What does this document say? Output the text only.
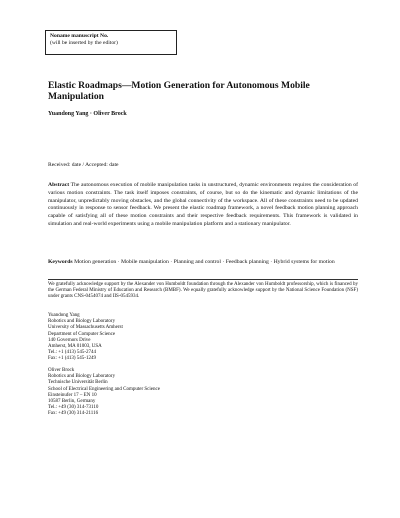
Noname manuscript No.
(will be inserted by the editor)
Elastic Roadmaps—Motion Generation for Autonomous Mobile Manipulation
Yuandong Yang · Oliver Brock
Received: date / Accepted: date

Abstract The autonomous execution of mobile manipulation tasks in unstructured, dynamic environments requires the consideration of various motion constraints. The task itself imposes constraints, of course, but so do the kinematic and dynamic limitations of the manipulator, unpredictably moving obstacles, and the global connectivity of the workspace. All of these constraints need to be updated continuously in response to sensor feedback. We present the elastic roadmap framework, a novel feedback motion planning approach capable of satisfying all of these motion constraints and their respective feedback requirements. This framework is validated in simulation and real-world experiments using a mobile manipulation platform and a stationary manipulator.

Keywords Motion generation · Mobile manipulation · Planning and control · Feedback planning · Hybrid systems for motion

We gratefully acknowledge support by the Alexander von Humboldt foundation through the Alexander von Humboldt professorship, which is financed by the German Federal Ministry of Education and Research (BMBF). We equally gratefully acknowledge support by the National Science Foundation (NSF) under grants CNS-0454074 and IIS-0545934.

Yuandong Yang
Robotics and Biology Laboratory
University of Massachusetts Amherst
Department of Computer Science
140 Governors Drive
Amherst, MA 01003, USA
Tel.: +1 (413) 545-2744
Fax: +1 (413) 545-1249
Oliver Brock
Robotics and Biology Laboratory
Technische Universität Berlin
School of Electrical Engineering and Computer Science
Einsteinufer 17 – EN 10
10587 Berlin, Germany
Tel.: +49 (30) 314-73110
Fax: +49 (30) 314-21116
